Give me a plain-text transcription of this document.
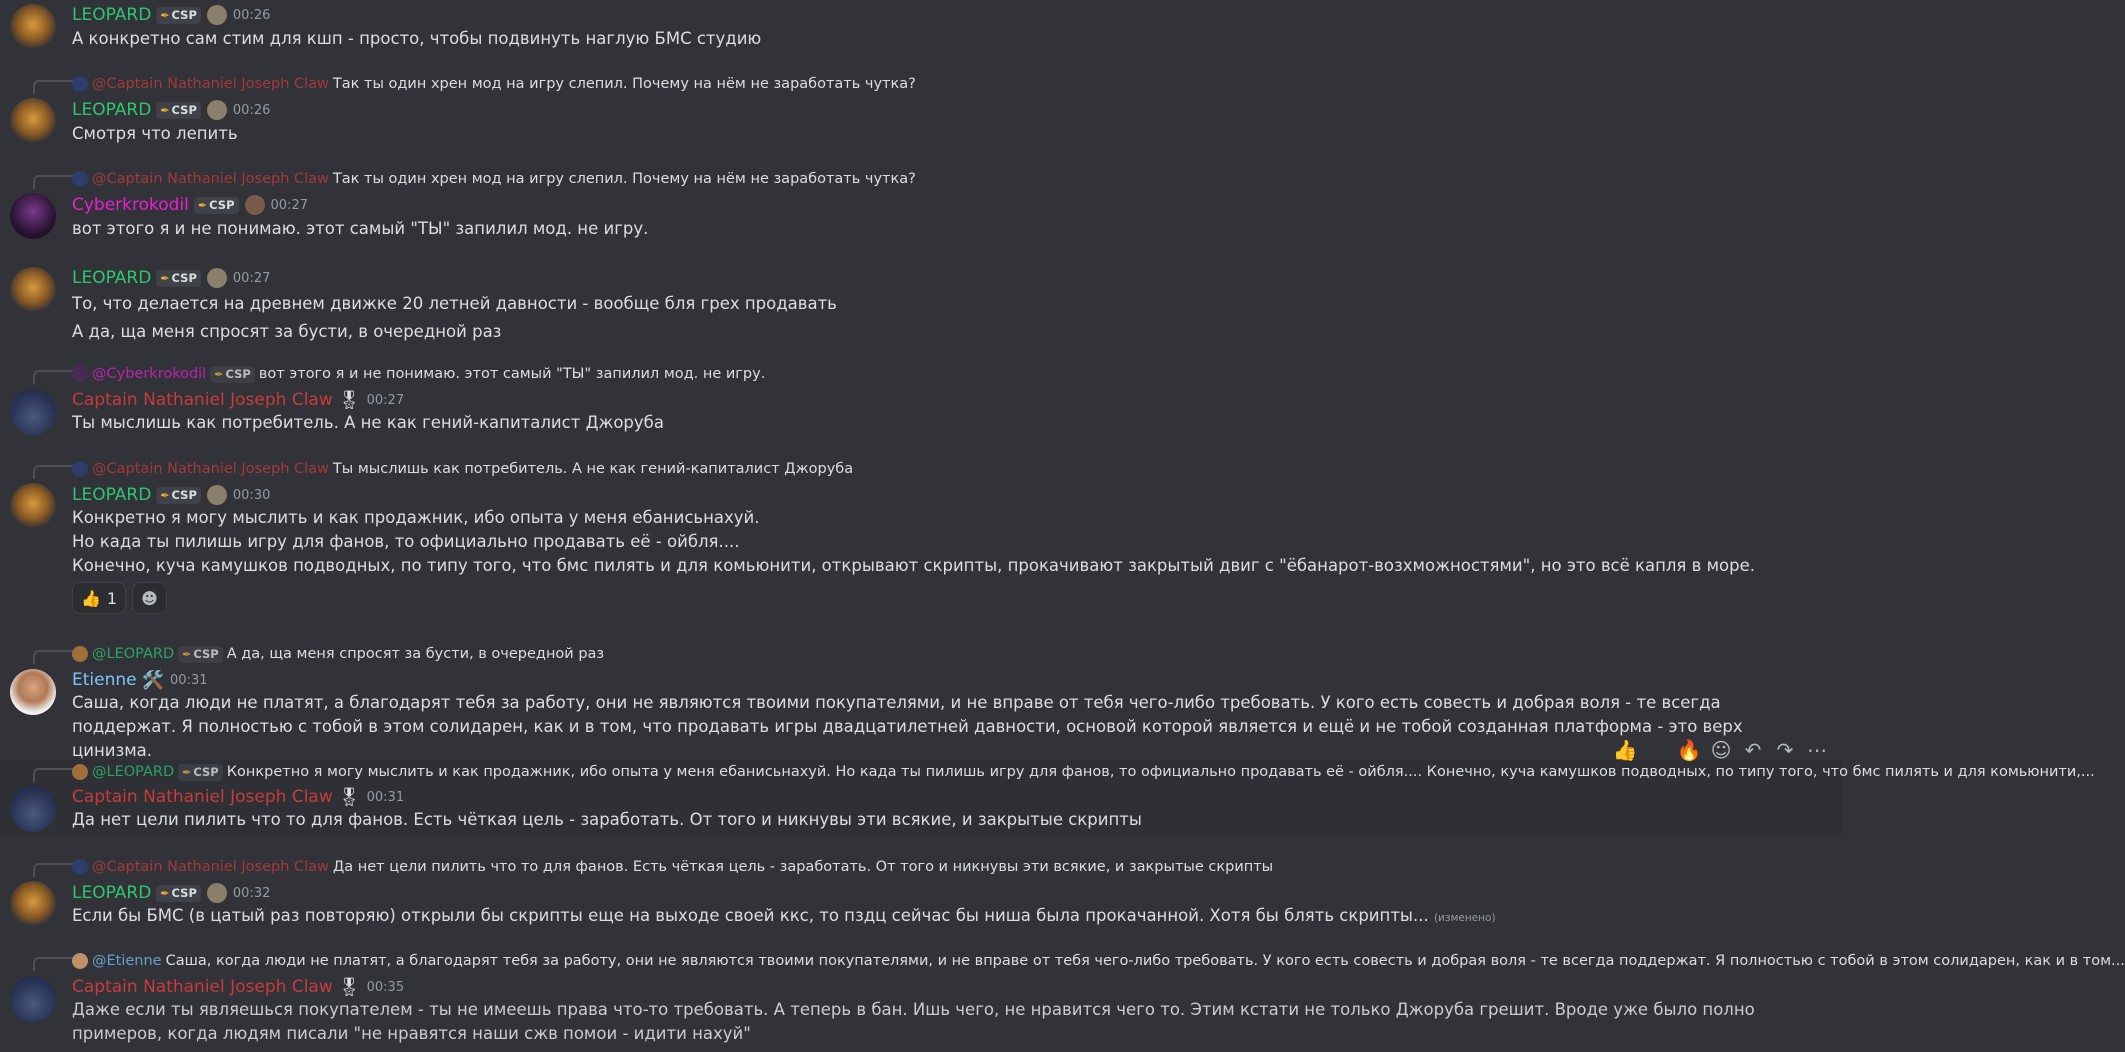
LEOPARD ✒ CSP	00:26
А конкретно сам стим для кшп - просто, чтобы подвинуть наглую БМС студию
@Captain Nathaniel Joseph Claw Так ты один хрен мод на игру слепил. Почему на нём не заработать чутка?
LEOPARD ✒ CSP	00:26
Смотря что лепить
@Captain Nathaniel Joseph Claw Так ты один хрен мод на игру слепил. Почему на нём не заработать чутка?
Cyberkrokodil ✒ CSP	00:27
вот этого я и не понимаю. этот самый "ТЫ" запилил мод. не игру.
LEOPARD ✒ CSP	00:27
То, что делается на древнем движке 20 летней давности - вообще бля грех продавать
А да, ща меня спросят за бусти, в очередной раз
@Cyberkrokodil ✒ CSP вот этого я и не понимаю. этот самый "ТЫ" запилил мод. не игру.
Captain Nathaniel Joseph Claw 🎖 00:27
Ты мыслишь как потребитель. А не как гений-капиталист Джоруба
@Captain Nathaniel Joseph Claw Ты мыслишь как потребитель. А не как гений-капиталист Джоруба
LEOPARD ✒ CSP	00:30
Конкретно я могу мыслить и как продажник, ибо опыта у меня ебанисьнахуй.
Но када ты пилишь игру для фанов, то официально продавать её - ойбля....
Конечно, куча камушков подводных, по типу того, что бмс пилять и для комьюнити, открывают скрипты, прокачивают закрытый двиг с "ёбанарот-возхможностями", но это всё капля в море.
👍 1 ☻
@LEOPARD ✒ CSP А да, ща меня спросят за бусти, в очередной раз
Etienne 🛠️ 00:31
Саша, когда люди не платят, а благодарят тебя за работу, они не являются твоими покупателями, и не вправе от тебя чего-либо требовать. У кого есть совесть и добрая воля - те всегда поддержат. Я полностью с тобой в этом солидарен, как и в том, что продавать игры двадцатилетней давности, основой которой является и ещё и не тобой созданная платформа - это верх цинизма.
@LEOPARD ✒ CSP Конкретно я могу мыслить и как продажник, ибо опыта у меня ебанисьнахуй. Но када ты пилишь игру для фанов, то официально продавать её - ойбля.... Конечно, куча камушков подводных, по типу того, что бмс пилять и для комьюнити,...
Captain Nathaniel Joseph Claw 🎖 00:31
Да нет цели пилить что то для фанов. Есть чёткая цель - заработать. От того и никнувы эти всякие, и закрытые скрипты
👍 ✖ 🔥 ☺ ↶ ↷ ⋯
@Captain Nathaniel Joseph Claw Да нет цели пилить что то для фанов. Есть чёткая цель - заработать. От того и никнувы эти всякие, и закрытые скрипты
LEOPARD ✒ CSP	00:32
Если бы БМС (в цатый раз повторяю) открыли бы скрипты еще на выходе своей ккс, то пздц сейчас бы ниша была прокачанной. Хотя бы блять скрипты... (изменено)
@Etienne Саша, когда люди не платят, а благодарят тебя за работу, они не являются твоими покупателями, и не вправе от тебя чего-либо требовать. У кого есть совесть и добрая воля - те всегда поддержат. Я полностью с тобой в этом солидарен, как и в том...
Captain Nathaniel Joseph Claw 🎖 00:35
Даже если ты являешься покупателем - ты не имеешь права что-то требовать. А теперь в бан. Ишь чего, не нравится чего то. Этим кстати не только Джоруба грешит. Вроде уже было полно примеров, когда людям писали "не нравятся наши сжв помои - идити нахуй"
